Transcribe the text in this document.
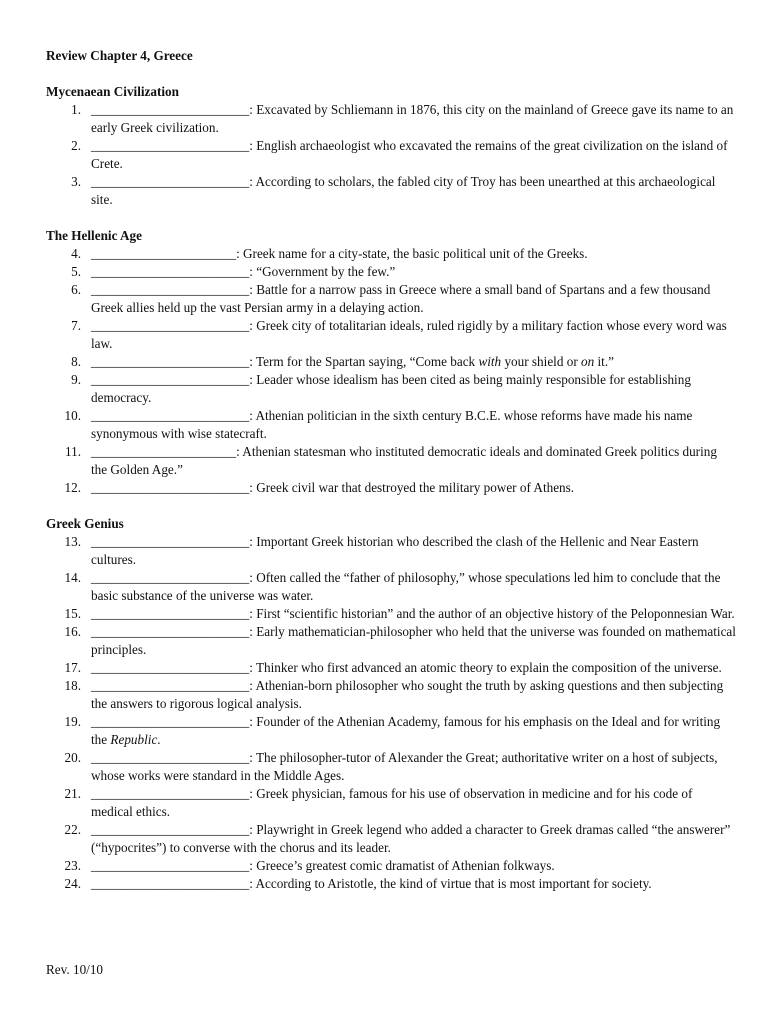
Review Chapter 4, Greece

Mycenaean Civilization

1. ________________________: Excavated by Schliemann in 1876, this city on the mainland of Greece gave its name to an early Greek civilization.
2. ________________________: English archaeologist who excavated the remains of the great civilization on the island of Crete.
3. ________________________: According to scholars, the fabled city of Troy has been unearthed at this archaeological site.

The Hellenic Age

4. ______________________: Greek name for a city-state, the basic political unit of the Greeks.
5. ________________________: “Government by the few.”
6. ________________________: Battle for a narrow pass in Greece where a small band of Spartans and a few thousand Greek allies held up the vast Persian army in a delaying action.
7. ________________________: Greek city of totalitarian ideals, ruled rigidly by a military faction whose every word was law.
8. ________________________: Term for the Spartan saying, “Come back with your shield or on it.”
9. ________________________: Leader whose idealism has been cited as being mainly responsible for establishing democracy.
10. ________________________: Athenian politician in the sixth century B.C.E. whose reforms have made his name synonymous with wise statecraft.
11. ______________________: Athenian statesman who instituted democratic ideals and dominated Greek politics during the Golden Age.”
12. ________________________: Greek civil war that destroyed the military power of Athens.

Greek Genius

13. ________________________: Important Greek historian who described the clash of the Hellenic and Near Eastern cultures.
14. ________________________: Often called the “father of philosophy,” whose speculations led him to conclude that the basic substance of the universe was water.
15. ________________________: First “scientific historian” and the author of an objective history of the Peloponnesian War.
16. ________________________: Early mathematician-philosopher who held that the universe was founded on mathematical principles.
17. ________________________: Thinker who first advanced an atomic theory to explain the composition of the universe.
18. ________________________: Athenian-born philosopher who sought the truth by asking questions and then subjecting the answers to rigorous logical analysis.
19. ________________________: Founder of the Athenian Academy, famous for his emphasis on the Ideal and for writing the Republic.
20. ________________________: The philosopher-tutor of Alexander the Great; authoritative writer on a host of subjects, whose works were standard in the Middle Ages.
21. ________________________: Greek physician, famous for his use of observation in medicine and for his code of medical ethics.
22. ________________________: Playwright in Greek legend who added a character to Greek dramas called “the answerer” (“hypocrites”) to converse with the chorus and its leader.
23. ________________________: Greece’s greatest comic dramatist of Athenian folkways.
24. ________________________: According to Aristotle, the kind of virtue that is most important for society.
Rev. 10/10
